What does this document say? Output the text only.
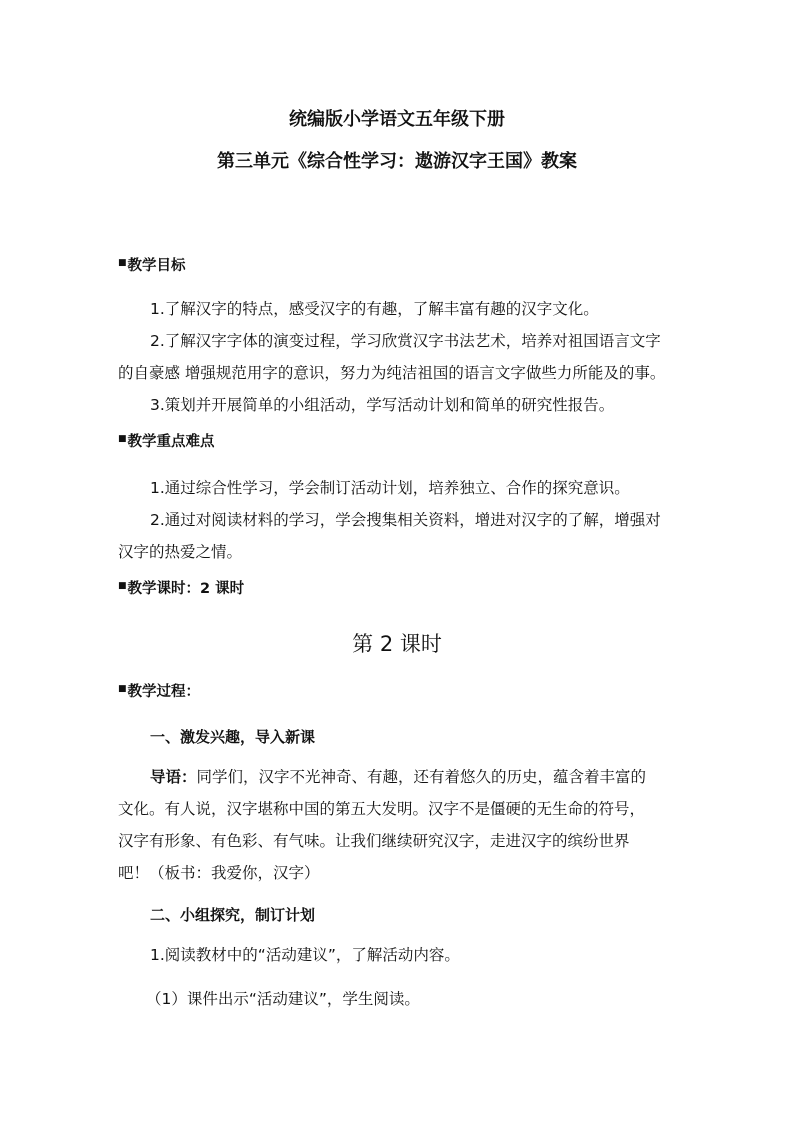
统编版小学语文五年级下册
第三单元《综合性学习：遨游汉字王国》教案
■教学目标
1.了解汉字的特点，感受汉字的有趣，了解丰富有趣的汉字文化。
2.了解汉字字体的演变过程，学习欣赏汉字书法艺术，培养对祖国语言文字
的自豪感 增强规范用字的意识，努力为纯洁祖国的语言文字做些力所能及的事。
3.策划并开展简单的小组活动，学写活动计划和简单的研究性报告。
■教学重点难点
1.通过综合性学习，学会制订活动计划，培养独立、合作的探究意识。
2.通过对阅读材料的学习，学会搜集相关资料，增进对汉字的了解，增强对
汉字的热爱之情。
■教学课时：2 课时
第 2 课时
■教学过程：
一、激发兴趣，导入新课
导语：同学们，汉字不光神奇、有趣，还有着悠久的历史，蕴含着丰富的
文化。有人说，汉字堪称中国的第五大发明。汉字不是僵硬的无生命的符号，
汉字有形象、有色彩、有气味。让我们继续研究汉字，走进汉字的缤纷世界
吧！（板书：我爱你，汉字）
二、小组探究，制订计划
1.阅读教材中的“活动建议”，了解活动内容。
（1）课件出示“活动建议”，学生阅读。
